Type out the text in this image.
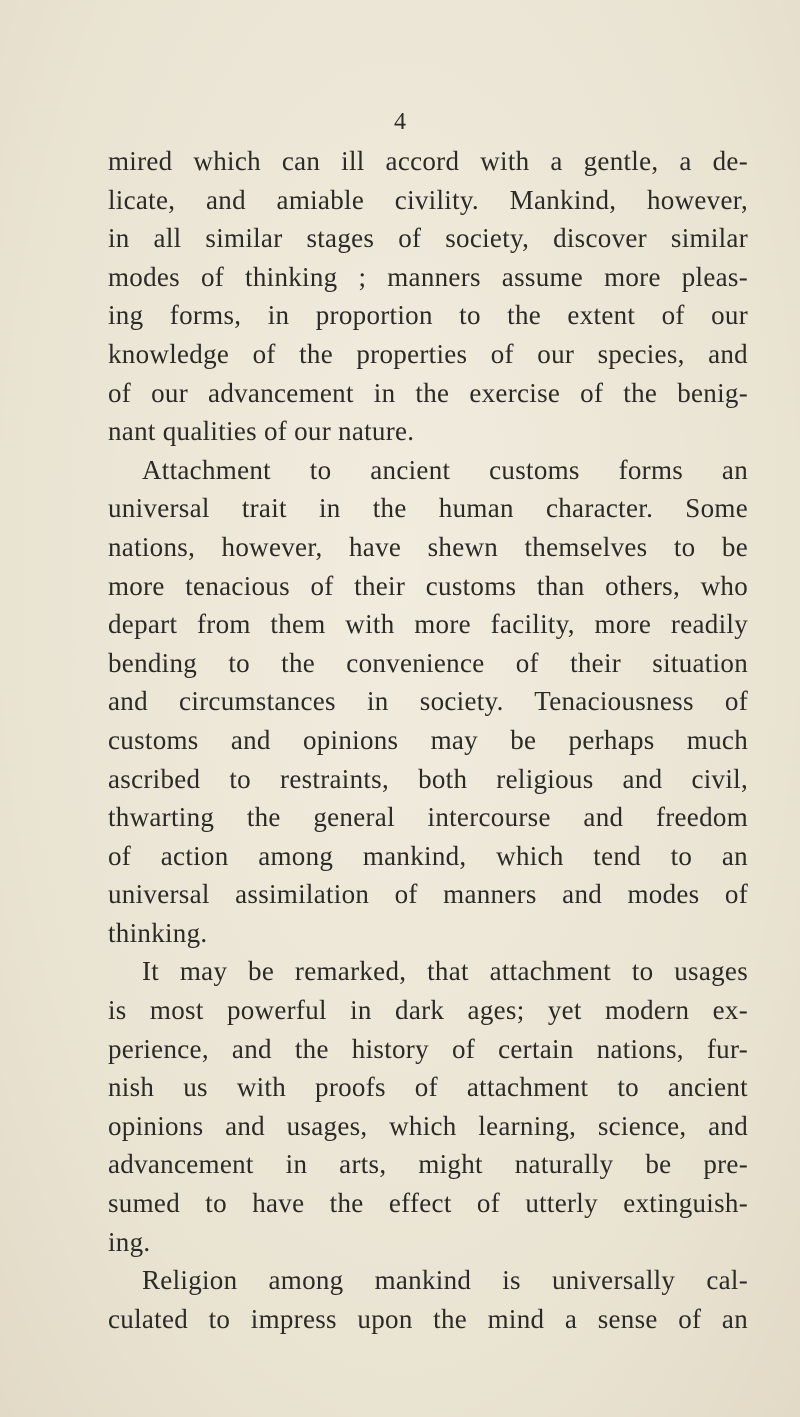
4
mired which can ill accord with a gentle, a de-
licate, and amiable civility. Mankind, however,
in all similar stages of society, discover similar
modes of thinking ; manners assume more pleas-
ing forms, in proportion to the extent of our
knowledge of the properties of our species, and
of our advancement in the exercise of the benig-
nant qualities of our nature.
Attachment to ancient customs forms an
universal trait in the human character. Some
nations, however, have shewn themselves to be
more tenacious of their customs than others, who
depart from them with more facility, more readily
bending to the convenience of their situation
and circumstances in society. Tenaciousness of
customs and opinions may be perhaps much
ascribed to restraints, both religious and civil,
thwarting the general intercourse and freedom
of action among mankind, which tend to an
universal assimilation of manners and modes of
thinking.
It may be remarked, that attachment to usages
is most powerful in dark ages; yet modern ex-
perience, and the history of certain nations, fur-
nish us with proofs of attachment to ancient
opinions and usages, which learning, science, and
advancement in arts, might naturally be pre-
sumed to have the effect of utterly extinguish-
ing.
Religion among mankind is universally cal-
culated to impress upon the mind a sense of an
